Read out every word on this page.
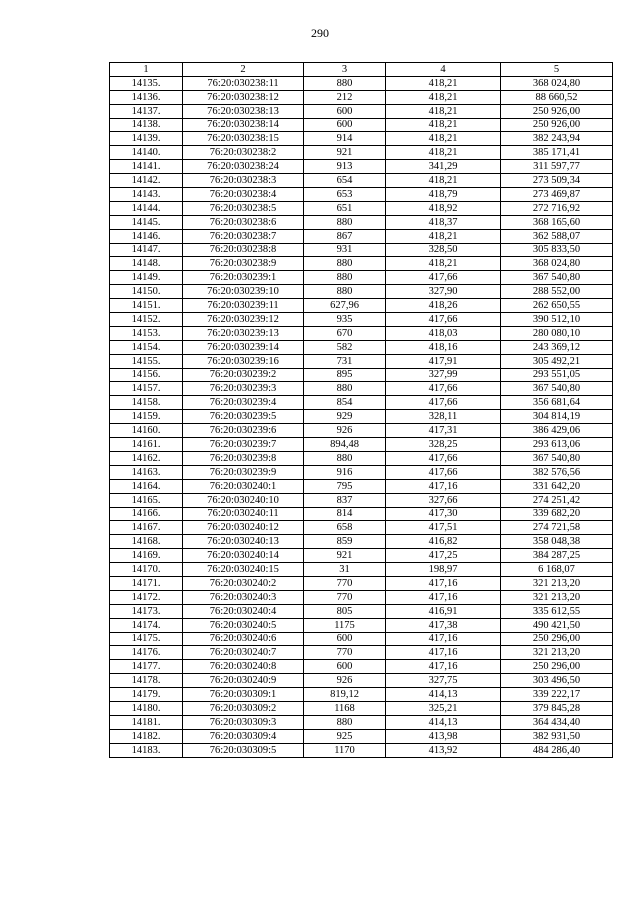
290
1	2	3	4	5
14135.	76:20:030238:11	880	418,21	368 024,80
14136.	76:20:030238:12	212	418,21	88 660,52
14137.	76:20:030238:13	600	418,21	250 926,00
14138.	76:20:030238:14	600	418,21	250 926,00
14139.	76:20:030238:15	914	418,21	382 243,94
14140.	76:20:030238:2	921	418,21	385 171,41
14141.	76:20:030238:24	913	341,29	311 597,77
14142.	76:20:030238:3	654	418,21	273 509,34
14143.	76:20:030238:4	653	418,79	273 469,87
14144.	76:20:030238:5	651	418,92	272 716,92
14145.	76:20:030238:6	880	418,37	368 165,60
14146.	76:20:030238:7	867	418,21	362 588,07
14147.	76:20:030238:8	931	328,50	305 833,50
14148.	76:20:030238:9	880	418,21	368 024,80
14149.	76:20:030239:1	880	417,66	367 540,80
14150.	76:20:030239:10	880	327,90	288 552,00
14151.	76:20:030239:11	627,96	418,26	262 650,55
14152.	76:20:030239:12	935	417,66	390 512,10
14153.	76:20:030239:13	670	418,03	280 080,10
14154.	76:20:030239:14	582	418,16	243 369,12
14155.	76:20:030239:16	731	417,91	305 492,21
14156.	76:20:030239:2	895	327,99	293 551,05
14157.	76:20:030239:3	880	417,66	367 540,80
14158.	76:20:030239:4	854	417,66	356 681,64
14159.	76:20:030239:5	929	328,11	304 814,19
14160.	76:20:030239:6	926	417,31	386 429,06
14161.	76:20:030239:7	894,48	328,25	293 613,06
14162.	76:20:030239:8	880	417,66	367 540,80
14163.	76:20:030239:9	916	417,66	382 576,56
14164.	76:20:030240:1	795	417,16	331 642,20
14165.	76:20:030240:10	837	327,66	274 251,42
14166.	76:20:030240:11	814	417,30	339 682,20
14167.	76:20:030240:12	658	417,51	274 721,58
14168.	76:20:030240:13	859	416,82	358 048,38
14169.	76:20:030240:14	921	417,25	384 287,25
14170.	76:20:030240:15	31	198,97	6 168,07
14171.	76:20:030240:2	770	417,16	321 213,20
14172.	76:20:030240:3	770	417,16	321 213,20
14173.	76:20:030240:4	805	416,91	335 612,55
14174.	76:20:030240:5	1175	417,38	490 421,50
14175.	76:20:030240:6	600	417,16	250 296,00
14176.	76:20:030240:7	770	417,16	321 213,20
14177.	76:20:030240:8	600	417,16	250 296,00
14178.	76:20:030240:9	926	327,75	303 496,50
14179.	76:20:030309:1	819,12	414,13	339 222,17
14180.	76:20:030309:2	1168	325,21	379 845,28
14181.	76:20:030309:3	880	414,13	364 434,40
14182.	76:20:030309:4	925	413,98	382 931,50
14183.	76:20:030309:5	1170	413,92	484 286,40
